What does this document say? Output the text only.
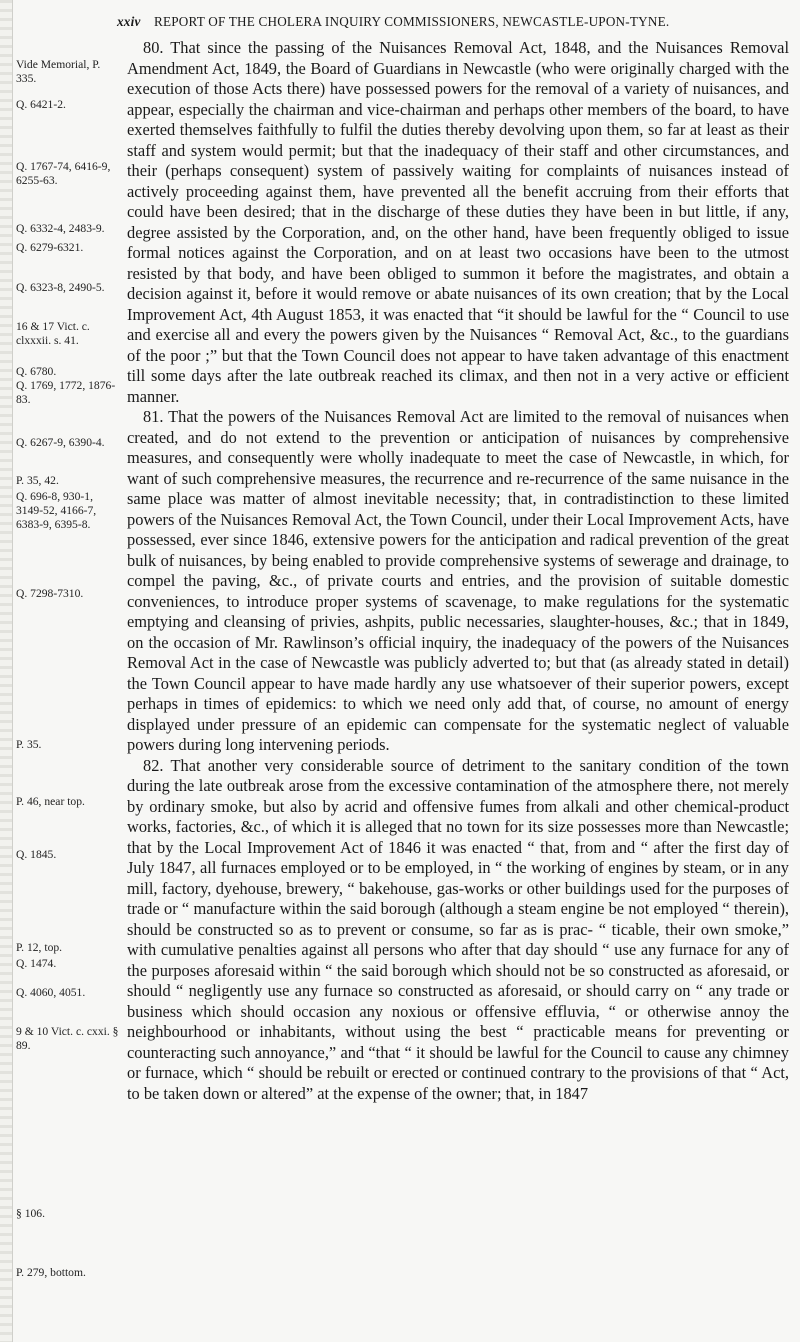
xxiv REPORT OF THE CHOLERA INQUIRY COMMISSIONERS, NEWCASTLE-UPON-TYNE.
Vide Memorial, P. 335.
Q. 6421-2.
Q. 1767-74, 6416-9, 6255-63.
Q. 6332-4, 2483-9.
Q. 6279-6321.
Q. 6323-8, 2490-5.
16 & 17 Vict. c. clxxxii. s. 41.
Q. 6780.
Q. 1769, 1772, 1876-83.
Q. 6267-9, 6390-4.
P. 35, 42.
Q. 696-8, 930-1, 3149-52, 4166-7, 6383-9, 6395-8.
Q. 7298-7310.
P. 35.
P. 46, near top.
Q. 1845.
P. 12, top.
Q. 1474.
Q. 4060, 4051.
9 & 10 Vict. c. cxxi. § 89.
§ 106.
P. 279, bottom.

80. That since the passing of the Nuisances Removal Act, 1848, and the Nuisances Removal Amendment Act, 1849, the Board of Guardians in Newcastle (who were originally charged with the execution of those Acts there) have possessed powers for the removal of a variety of nuisances, and appear, especially the chairman and vice-chairman and perhaps other members of the board, to have exerted themselves faithfully to fulfil the duties thereby devolving upon them, so far at least as their staff and system would permit; but that the inadequacy of their staff and other circumstances, and their (perhaps consequent) system of passively waiting for complaints of nuisances instead of actively proceeding against them, have prevented all the benefit accruing from their efforts that could have been desired; that in the discharge of these duties they have been in but little, if any, degree assisted by the Corporation, and, on the other hand, have been frequently obliged to issue formal notices against the Corporation, and on at least two occasions have been to the utmost resisted by that body, and have been obliged to summon it before the magistrates, and obtain a decision against it, before it would remove or abate nuisances of its own creation; that by the Local Improvement Act, 4th August 1853, it was enacted that “it should be lawful for the “ Council to use and exercise all and every the powers given by the Nuisances “ Removal Act, &c., to the guardians of the poor ;” but that the Town Council does not appear to have taken advantage of this enactment till some days after the late outbreak reached its climax, and then not in a very active or efficient manner.

81. That the powers of the Nuisances Removal Act are limited to the removal of nuisances when created, and do not extend to the prevention or anticipation of nuisances by comprehensive measures, and consequently were wholly inadequate to meet the case of Newcastle, in which, for want of such comprehensive measures, the recurrence and re-recurrence of the same nuisance in the same place was matter of almost inevitable necessity; that, in contradistinction to these limited powers of the Nuisances Removal Act, the Town Council, under their Local Improvement Acts, have possessed, ever since 1846, extensive powers for the anticipation and radical prevention of the great bulk of nuisances, by being enabled to provide comprehensive systems of sewerage and drainage, to compel the paving, &c., of private courts and entries, and the provision of suitable domestic conveniences, to introduce proper systems of scavenage, to make regulations for the systematic emptying and cleansing of privies, ashpits, public necessaries, slaughter-houses, &c.; that in 1849, on the occasion of Mr. Rawlinson’s official inquiry, the inadequacy of the powers of the Nuisances Removal Act in the case of Newcastle was publicly adverted to; but that (as already stated in detail) the Town Council appear to have made hardly any use whatsoever of their superior powers, except perhaps in times of epidemics: to which we need only add that, of course, no amount of energy displayed under pressure of an epidemic can compensate for the systematic neglect of valuable powers during long intervening periods.

82. That another very considerable source of detriment to the sanitary condition of the town during the late outbreak arose from the excessive contamination of the atmosphere there, not merely by ordinary smoke, but also by acrid and offensive fumes from alkali and other chemical-product works, factories, &c., of which it is alleged that no town for its size possesses more than Newcastle; that by the Local Improvement Act of 1846 it was enacted “ that, from and “ after the first day of July 1847, all furnaces employed or to be employed, in “ the working of engines by steam, or in any mill, factory, dyehouse, brewery, “ bakehouse, gas-works or other buildings used for the purposes of trade or “ manufacture within the said borough (although a steam engine be not employed “ therein), should be constructed so as to prevent or consume, so far as is prac- “ ticable, their own smoke,” with cumulative penalties against all persons who after that day should “ use any furnace for any of the purposes aforesaid within “ the said borough which should not be so constructed as aforesaid, or should “ negligently use any furnace so constructed as aforesaid, or should carry on “ any trade or business which should occasion any noxious or offensive effluvia, “ or otherwise annoy the neighbourhood or inhabitants, without using the best “ practicable means for preventing or counteracting such annoyance,” and “that “ it should be lawful for the Council to cause any chimney or furnace, which “ should be rebuilt or erected or continued contrary to the provisions of that “ Act, to be taken down or altered” at the expense of the owner; that, in 1847
